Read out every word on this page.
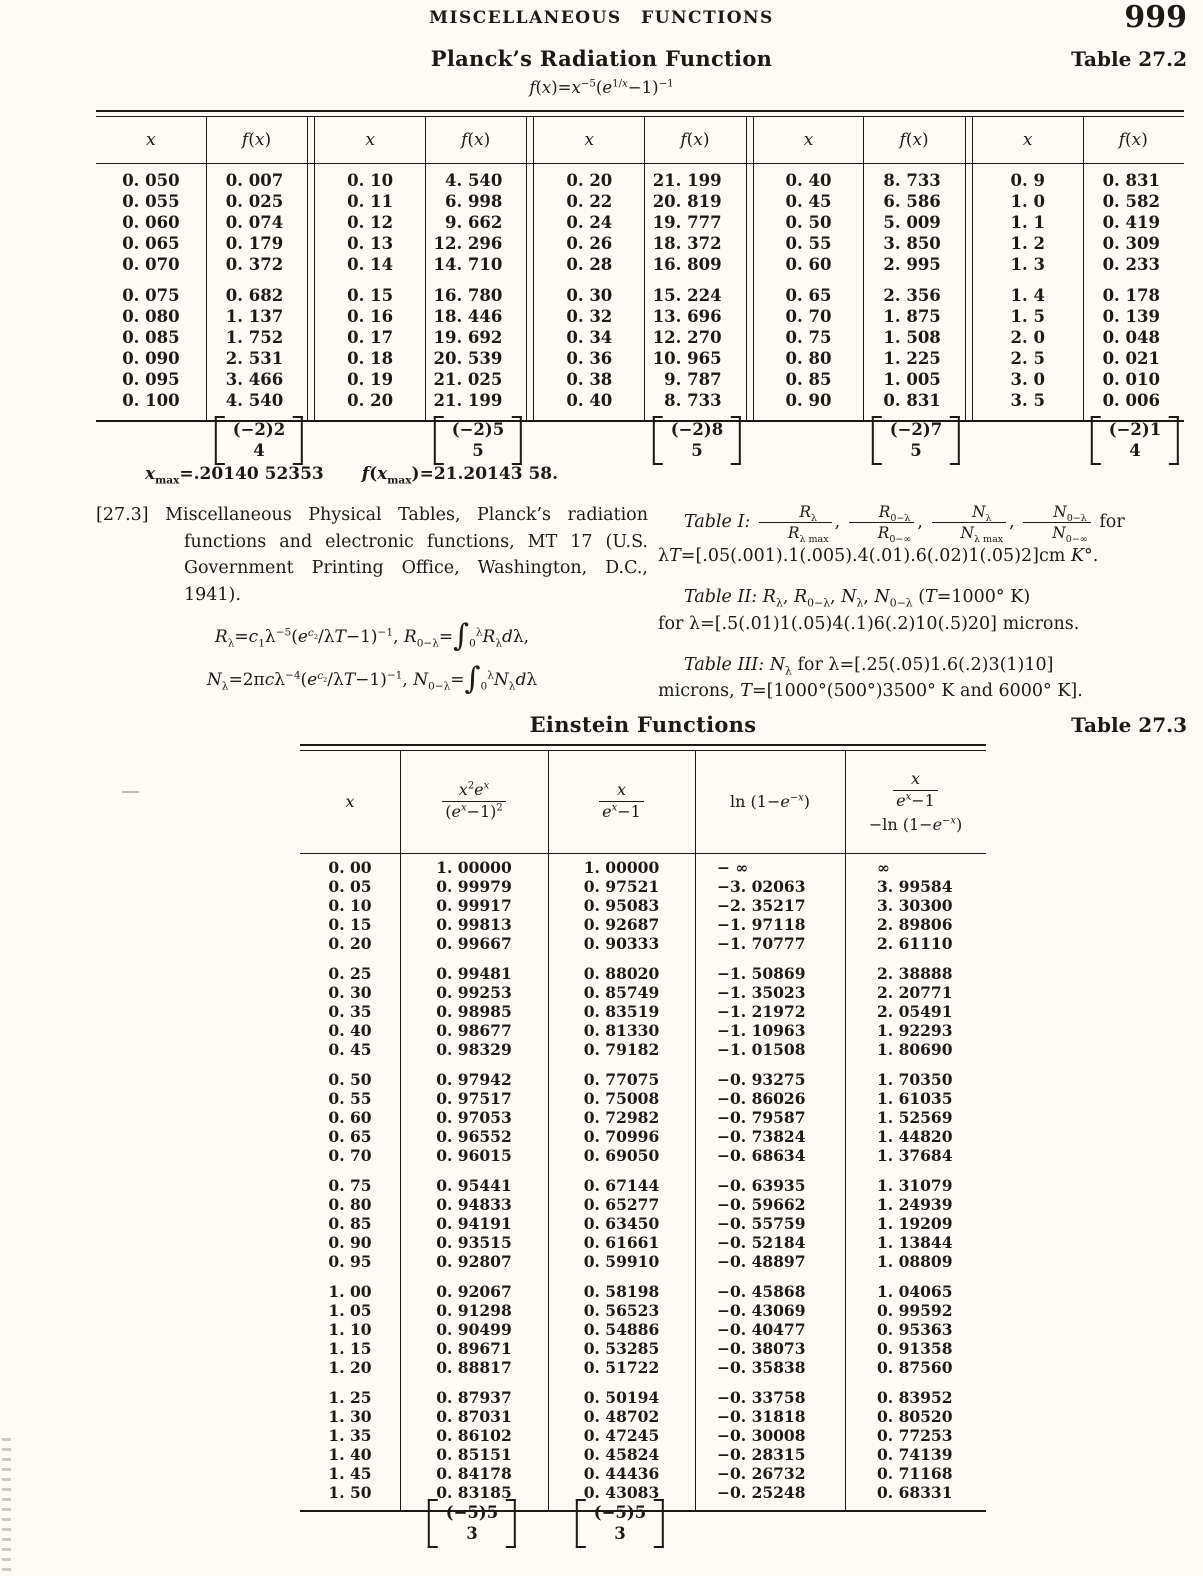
MISCELLANEOUS FUNCTIONS	999
Planck’s Radiation Function	Table 27.2
$f(x)=x^{-5}(e^{1/x}-1)^{-1}$
x	f(x)
0. 050	0. 007
0. 055	0. 025
0. 060	0. 074
0. 065	0. 179
0. 070	0. 372
0. 075	0. 682
0. 080	1. 137
0. 085	1. 752
0. 090	2. 531
0. 095	3. 466
0. 100	4. 540
x	f(x)
0. 10	4. 540
0. 11	6. 998
0. 12	9. 662
0. 13	12. 296
0. 14	14. 710
0. 15	16. 780
0. 16	18. 446
0. 17	19. 692
0. 18	20. 539
0. 19	21. 025
0. 20	21. 199
x	f(x)
0. 20	21. 199
0. 22	20. 819
0. 24	19. 777
0. 26	18. 372
0. 28	16. 809
0. 30	15. 224
0. 32	13. 696
0. 34	12. 270
0. 36	10. 965
0. 38	9. 787
0. 40	8. 733
x	f(x)
0. 40	8. 733
0. 45	6. 586
0. 50	5. 009
0. 55	3. 850
0. 60	2. 995
0. 65	2. 356
0. 70	1. 875
0. 75	1. 508
0. 80	1. 225
0. 85	1. 005
0. 90	0. 831
x	f(x)
0. 9	0. 831
1. 0	0. 582
1. 1	0. 419
1. 2	0. 309
1. 3	0. 233
1. 4	0. 178
1. 5	0. 139
2. 0	0. 048
2. 5	0. 021
3. 0	0. 010
3. 5	0. 006
(−2)2
4
(−2)5
5
(−2)8
5
(−2)7
5
(−2)1
4
$x_{max}=.20140$ 52353 $f(x_{max})=21.20143$ 58.

[27.3] Miscellaneous Physical Tables, Planck’s radiation functions and electronic functions, MT 17 (U.S. Government Printing Office, Washington, D.C., 1941).

$R_\lambda=c_1\lambda^{-5}(e^{c_2}/\lambda T-1)^{-1}$, $R_{0-\lambda}=\int_0^\lambda R_\lambda d\lambda$,
$N_\lambda=2\pi c\lambda^{-4}(e^{c_2}/\lambda T-1)^{-1}$, $N_{0-\lambda}=\int_0^\lambda N_\lambda d\lambda$
Table I: $\frac{R_\lambda}{R_{\lambda max}}$ , $\frac{R_{0-\lambda}}{R_{0-\infty}}$ , $\frac{N_\lambda}{N_{\lambda max}}$ , $\frac{N_{0-\lambda}}{N_{0-\infty}}$ for
λT=[.05(.001).1(.005).4(.01).6(.02)1(.05)2]cm K°.
Table II: $R_\lambda$, $R_{0-\lambda}$, $N_\lambda$, $N_{0-\lambda}$ (T=1000° K)
for λ=[.5(.01)1(.05)4(.1)6(.2)10(.5)20] microns.
Table III: $N_\lambda$ for λ=[.25(.05)1.6(.2)3(1)10]
microns, T=[1000°(500°)3500° K and 6000° K].
Einstein Functions	Table 27.3
x	$\frac{x^2e^x}{(e^x-1)^2}$	$\frac{x}{e^x-1}$	$\ln (1-e^{-x})$	$\frac{x}{e^x-1}$
−ln $(1-e^{-x})$
0. 00	1. 00000	1. 00000	− ∞	∞
0. 05	0. 99979	0. 97521	−3. 02063	3. 99584
0. 10	0. 99917	0. 95083	−2. 35217	3. 30300
0. 15	0. 99813	0. 92687	−1. 97118	2. 89806
0. 20	0. 99667	0. 90333	−1. 70777	2. 61110
0. 25	0. 99481	0. 88020	−1. 50869	2. 38888
0. 30	0. 99253	0. 85749	−1. 35023	2. 20771
0. 35	0. 98985	0. 83519	−1. 21972	2. 05491
0. 40	0. 98677	0. 81330	−1. 10963	1. 92293
0. 45	0. 98329	0. 79182	−1. 01508	1. 80690
0. 50	0. 97942	0. 77075	−0. 93275	1. 70350
0. 55	0. 97517	0. 75008	−0. 86026	1. 61035
0. 60	0. 97053	0. 72982	−0. 79587	1. 52569
0. 65	0. 96552	0. 70996	−0. 73824	1. 44820
0. 70	0. 96015	0. 69050	−0. 68634	1. 37684
0. 75	0. 95441	0. 67144	−0. 63935	1. 31079
0. 80	0. 94833	0. 65277	−0. 59662	1. 24939
0. 85	0. 94191	0. 63450	−0. 55759	1. 19209
0. 90	0. 93515	0. 61661	−0. 52184	1. 13844
0. 95	0. 92807	0. 59910	−0. 48897	1. 08809
1. 00	0. 92067	0. 58198	−0. 45868	1. 04065
1. 05	0. 91298	0. 56523	−0. 43069	0. 99592
1. 10	0. 90499	0. 54886	−0. 40477	0. 95363
1. 15	0. 89671	0. 53285	−0. 38073	0. 91358
1. 20	0. 88817	0. 51722	−0. 35838	0. 87560
1. 25	0. 87937	0. 50194	−0. 33758	0. 83952
1. 30	0. 87031	0. 48702	−0. 31818	0. 80520
1. 35	0. 86102	0. 47245	−0. 30008	0. 77253
1. 40	0. 85151	0. 45824	−0. 28315	0. 74139
1. 45	0. 84178	0. 44436	−0. 26732	0. 71168
1. 50	0. 83185	0. 43083	−0. 25248	0. 68331
(−5)5
3
(−5)5
3
